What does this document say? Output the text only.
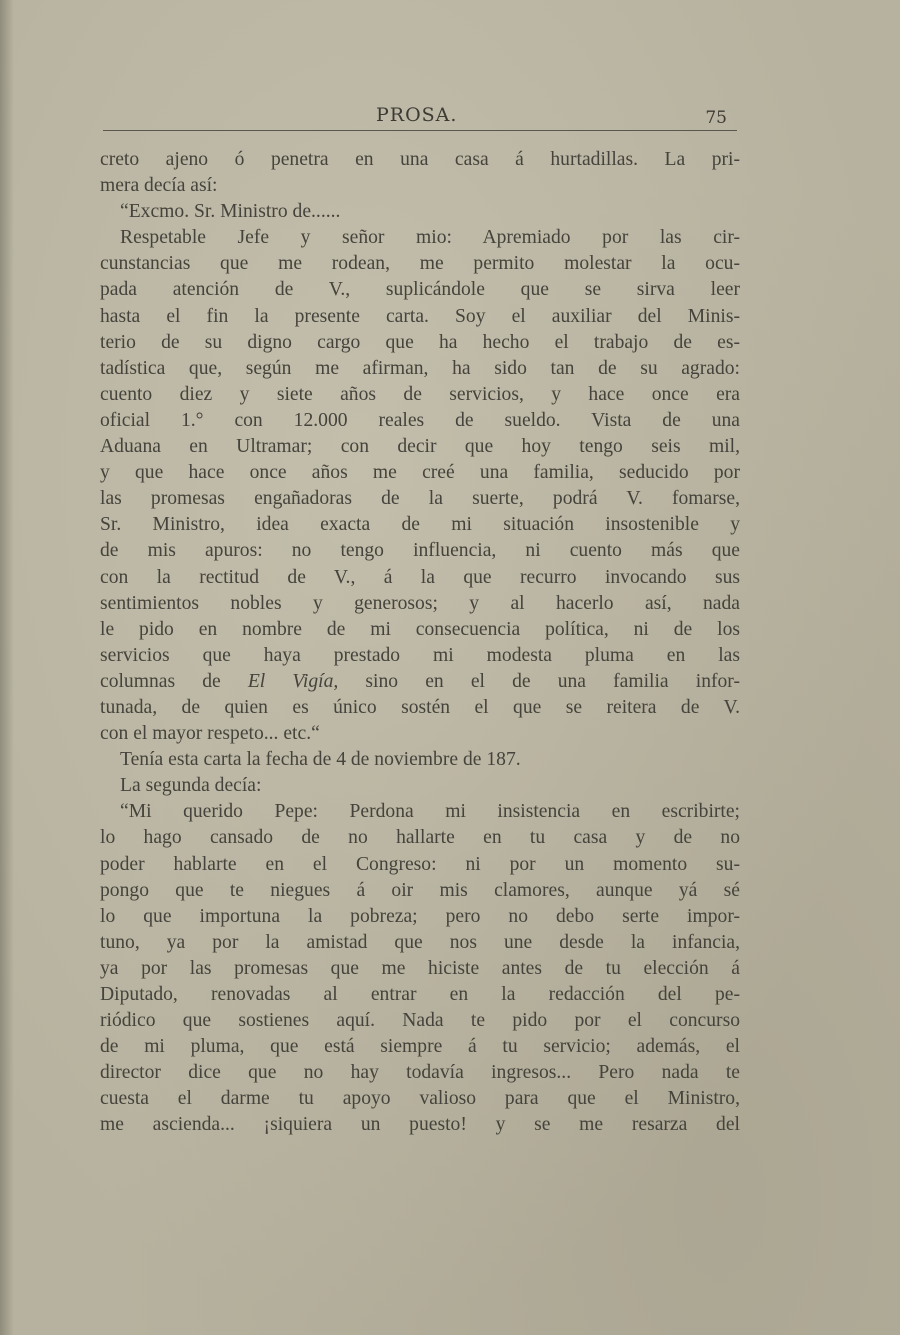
PROSA.	75
creto ajeno ó penetra en una casa á hurtadillas. La pri-
mera decía así:
“Excmo. Sr. Ministro de......
Respetable Jefe y señor mio: Apremiado por las cir-
cunstancias que me rodean, me permito molestar la ocu-
pada atención de V., suplicándole que se sirva leer
hasta el fin la presente carta. Soy el auxiliar del Minis-
terio de su digno cargo que ha hecho el trabajo de es-
tadística que, según me afirman, ha sido tan de su agrado:
cuento diez y siete años de servicios, y hace once era
oficial 1.° con 12.000 reales de sueldo. Vista de una
Aduana en Ultramar; con decir que hoy tengo seis mil,
y que hace once años me creé una familia, seducido por
las promesas engañadoras de la suerte, podrá V. fomarse,
Sr. Ministro, idea exacta de mi situación insostenible y
de mis apuros: no tengo influencia, ni cuento más que
con la rectitud de V., á la que recurro invocando sus
sentimientos nobles y generosos; y al hacerlo así, nada
le pido en nombre de mi consecuencia política, ni de los
servicios que haya prestado mi modesta pluma en las
columnas de El Vigía, sino en el de una familia infor-
tunada, de quien es único sostén el que se reitera de V.
con el mayor respeto... etc.“
Tenía esta carta la fecha de 4 de noviembre de 187.
La segunda decía:
“Mi querido Pepe: Perdona mi insistencia en escribirte;
lo hago cansado de no hallarte en tu casa y de no
poder hablarte en el Congreso: ni por un momento su-
pongo que te niegues á oir mis clamores, aunque yá sé
lo que importuna la pobreza; pero no debo serte impor-
tuno, ya por la amistad que nos une desde la infancia,
ya por las promesas que me hiciste antes de tu elección á
Diputado, renovadas al entrar en la redacción del pe-
riódico que sostienes aquí. Nada te pido por el concurso
de mi pluma, que está siempre á tu servicio; además, el
director dice que no hay todavía ingresos... Pero nada te
cuesta el darme tu apoyo valioso para que el Ministro,
me ascienda... ¡siquiera un puesto! y se me resarza del
